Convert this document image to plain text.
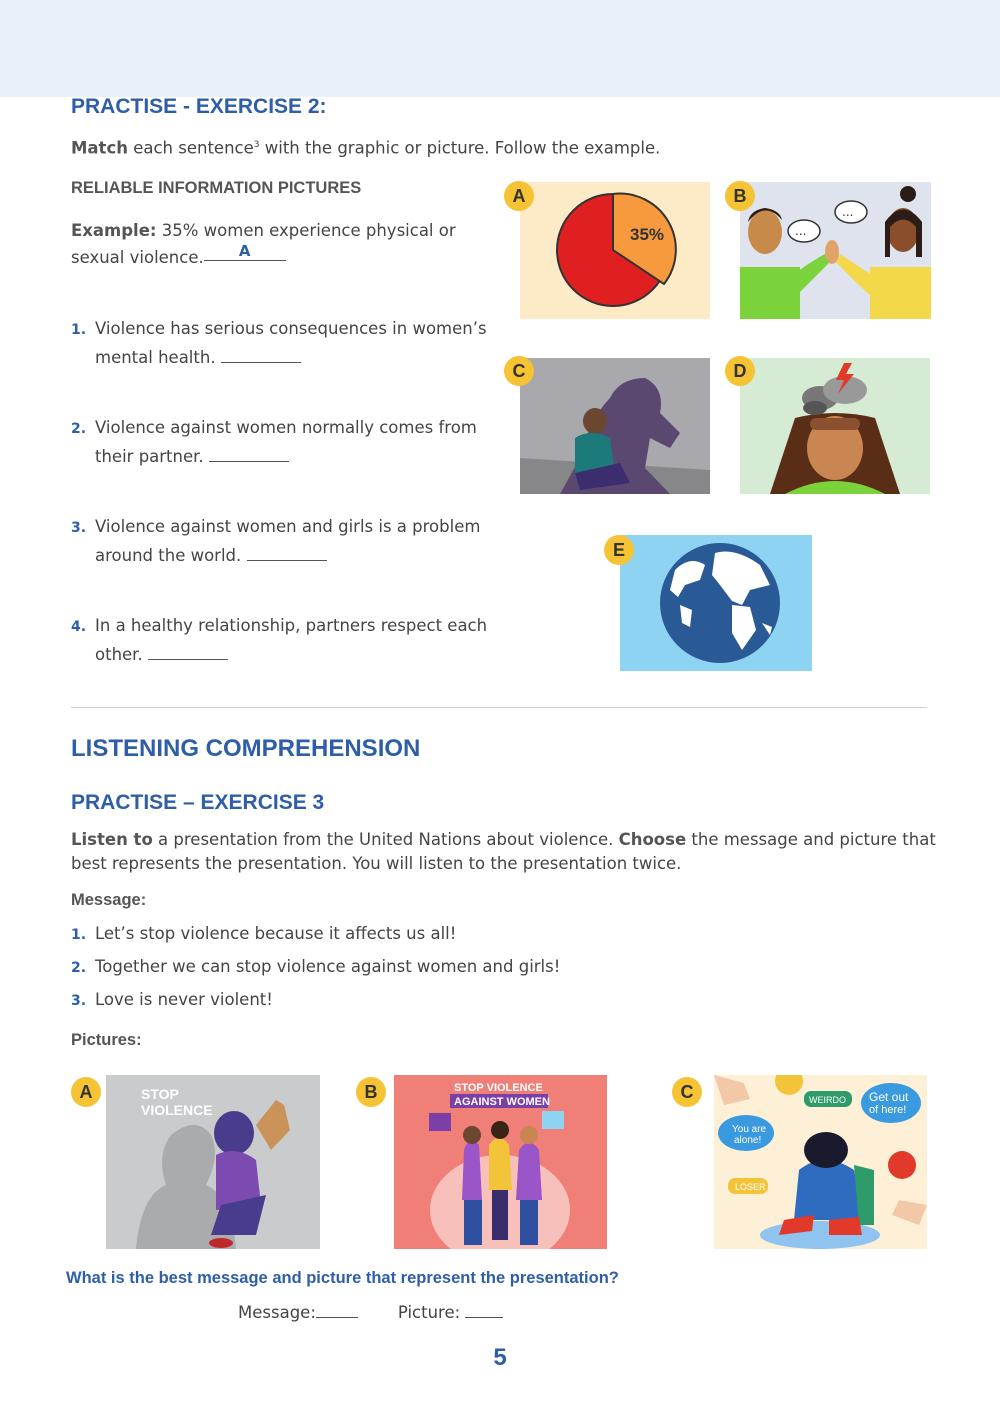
PRACTISE - EXERCISE 2:
Match each sentence$^3$ with the graphic or picture. Follow the example.
RELIABLE INFORMATION PICTURES
Example: 35% women experience physical or
sexual violence. A
1. Violence has serious consequences in women’s
mental health.
2. Violence against women normally comes from
their partner.
3. Violence against women and girls is a problem
around the world.
4. In a healthy relationship, partners respect each
other.
35%
A
...
...
B
C	D
E
LISTENING COMPREHENSION
PRACTISE – EXERCISE 3
Listen to a presentation from the United Nations about violence. Choose the message and picture that
best represents the presentation. You will listen to the presentation twice.
Message:
1. Let’s stop violence because it affects us all!
2. Together we can stop violence against women and girls!
3. Love is never violent!
Pictures:
STOP
VIOLENCE
A	STOP VIOLENCE
AGAINST WOMEN
B
You are
alone!
WEIRDO Get out
of here!
LOSER
C
What is the best message and picture that represent the presentation?
Message:	Picture:
5
